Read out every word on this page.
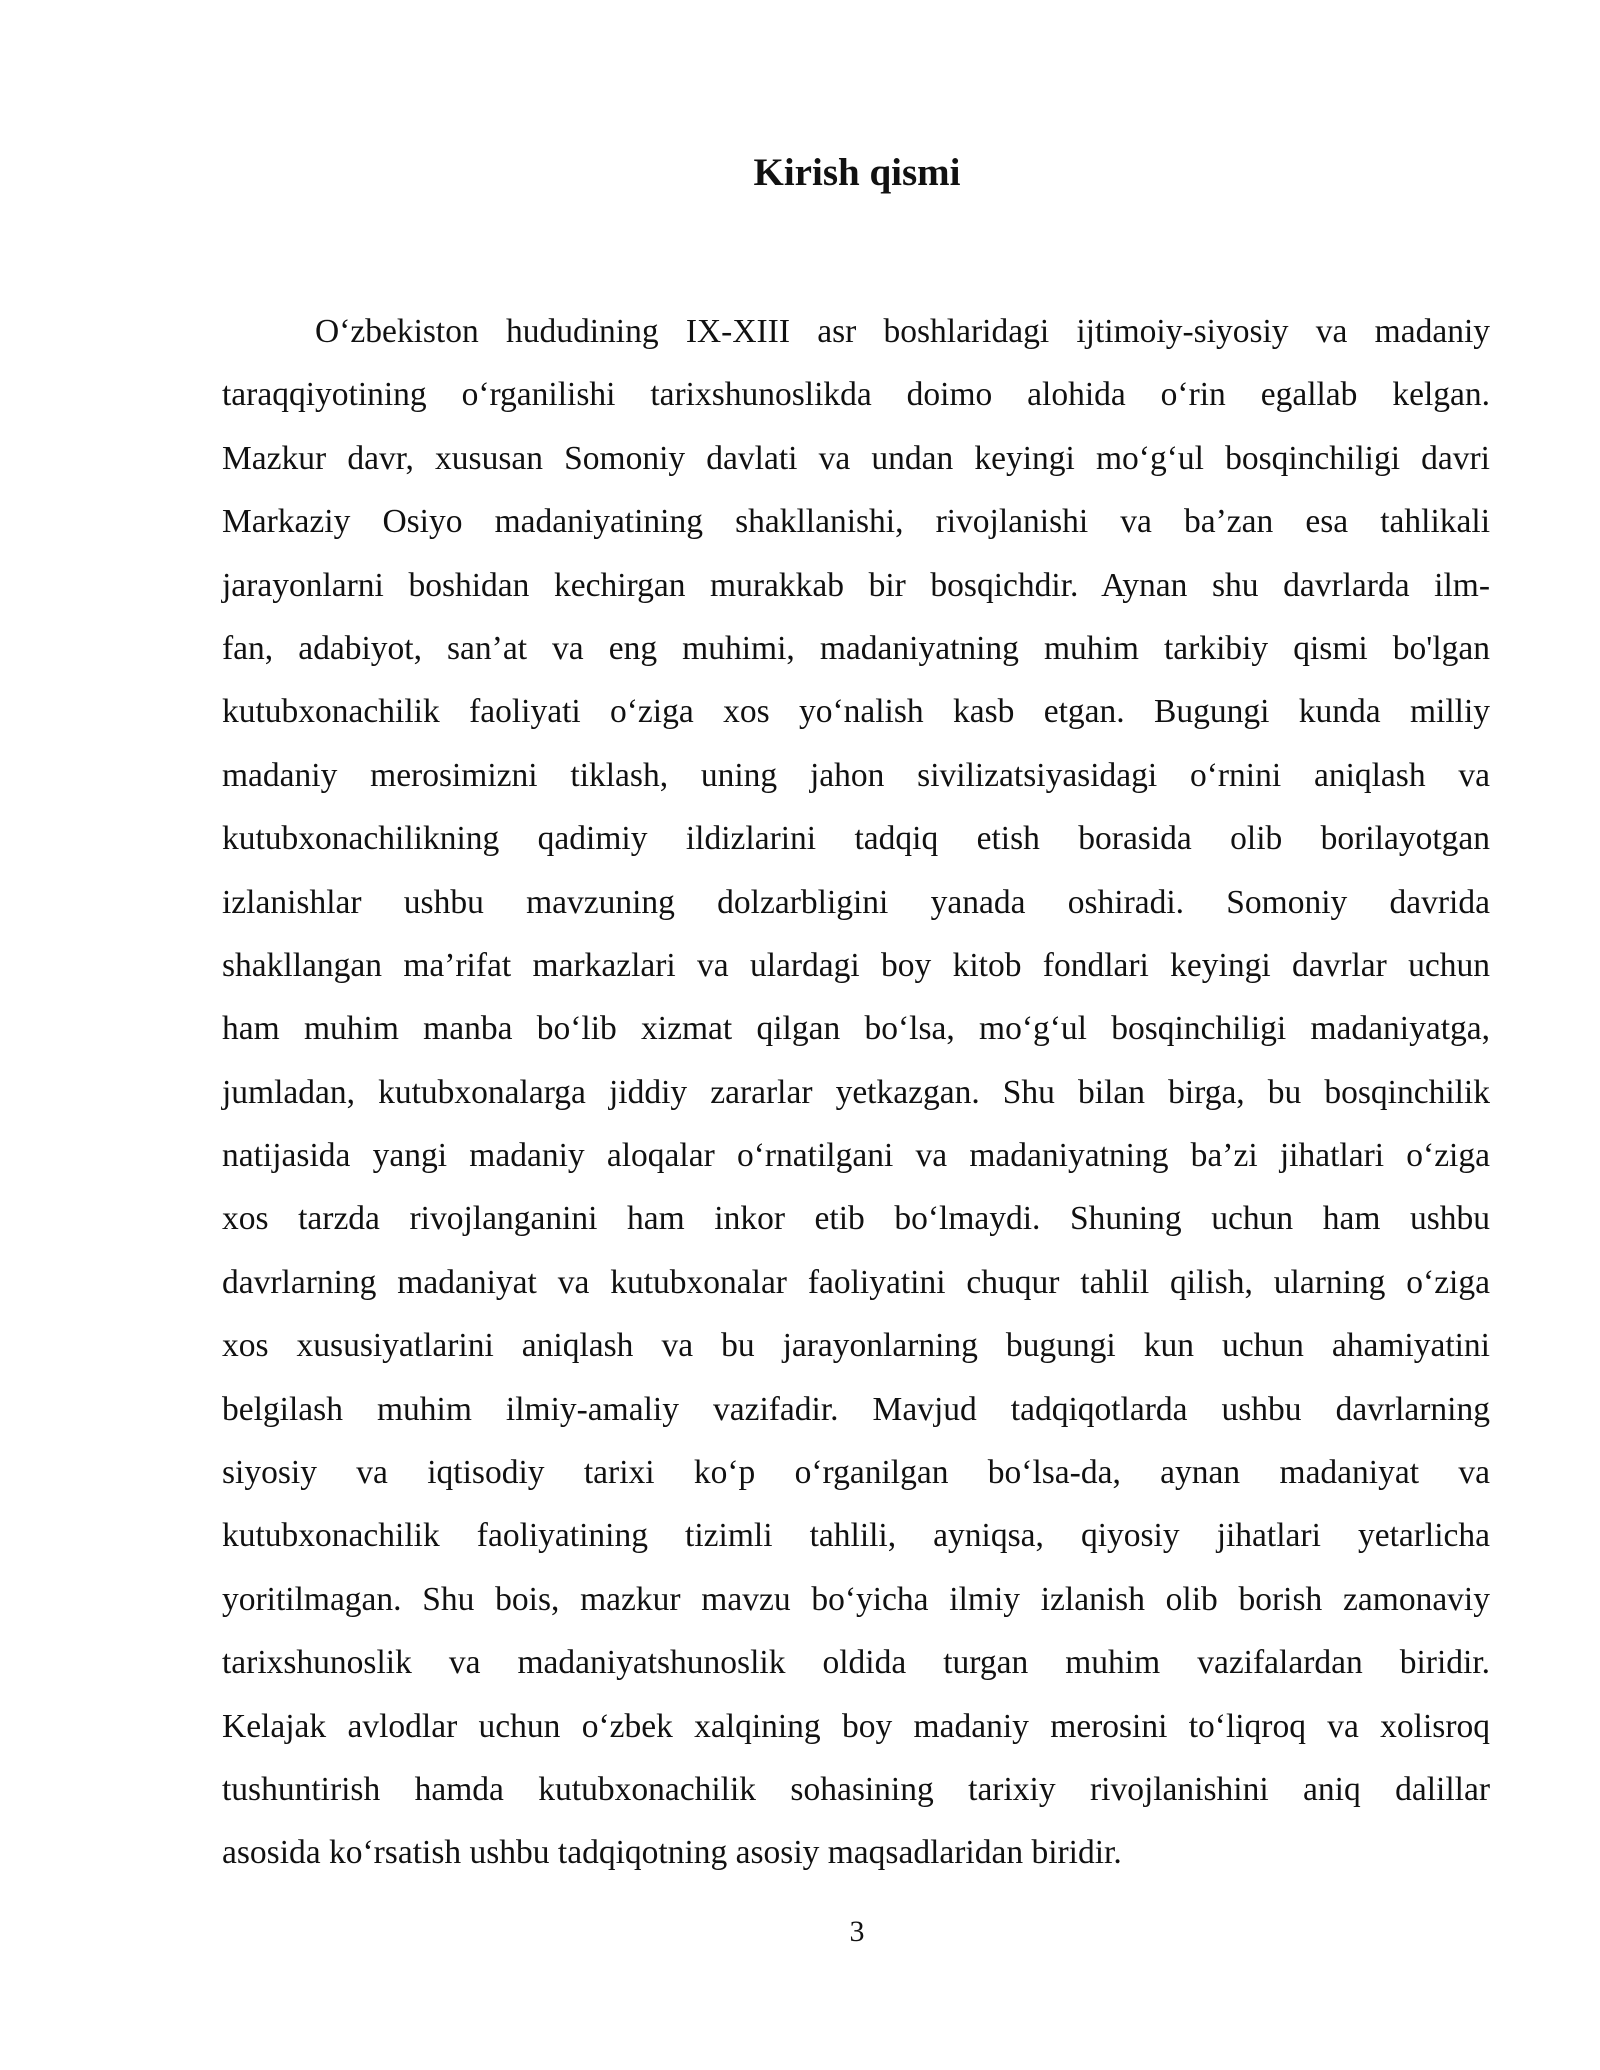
Kirish qismi
O‘zbekiston hududining IX-XIII asr boshlaridagi ijtimoiy-siyosiy va madaniy
taraqqiyotining o‘rganilishi tarixshunoslikda doimo alohida o‘rin egallab kelgan.
Mazkur davr, xususan Somoniy davlati va undan keyingi mo‘g‘ul bosqinchiligi davri
Markaziy Osiyo madaniyatining shakllanishi, rivojlanishi va ba’zan esa tahlikali
jarayonlarni boshidan kechirgan murakkab bir bosqichdir. Aynan shu davrlarda ilm-
fan, adabiyot, san’at va eng muhimi, madaniyatning muhim tarkibiy qismi bo'lgan
kutubxonachilik faoliyati o‘ziga xos yo‘nalish kasb etgan. Bugungi kunda milliy
madaniy merosimizni tiklash, uning jahon sivilizatsiyasidagi o‘rnini aniqlash va
kutubxonachilikning qadimiy ildizlarini tadqiq etish borasida olib borilayotgan
izlanishlar ushbu mavzuning dolzarbligini yanada oshiradi. Somoniy davrida
shakllangan ma’rifat markazlari va ulardagi boy kitob fondlari keyingi davrlar uchun
ham muhim manba bo‘lib xizmat qilgan bo‘lsa, mo‘g‘ul bosqinchiligi madaniyatga,
jumladan, kutubxonalarga jiddiy zararlar yetkazgan. Shu bilan birga, bu bosqinchilik
natijasida yangi madaniy aloqalar o‘rnatilgani va madaniyatning ba’zi jihatlari o‘ziga
xos tarzda rivojlanganini ham inkor etib bo‘lmaydi. Shuning uchun ham ushbu
davrlarning madaniyat va kutubxonalar faoliyatini chuqur tahlil qilish, ularning o‘ziga
xos xususiyatlarini aniqlash va bu jarayonlarning bugungi kun uchun ahamiyatini
belgilash muhim ilmiy-amaliy vazifadir. Mavjud tadqiqotlarda ushbu davrlarning
siyosiy va iqtisodiy tarixi ko‘p o‘rganilgan bo‘lsa-da, aynan madaniyat va
kutubxonachilik faoliyatining tizimli tahlili, ayniqsa, qiyosiy jihatlari yetarlicha
yoritilmagan. Shu bois, mazkur mavzu bo‘yicha ilmiy izlanish olib borish zamonaviy
tarixshunoslik va madaniyatshunoslik oldida turgan muhim vazifalardan biridir.
Kelajak avlodlar uchun o‘zbek xalqining boy madaniy merosini to‘liqroq va xolisroq
tushuntirish hamda kutubxonachilik sohasining tarixiy rivojlanishini aniq dalillar
asosida ko‘rsatish ushbu tadqiqotning asosiy maqsadlaridan biridir.
3
